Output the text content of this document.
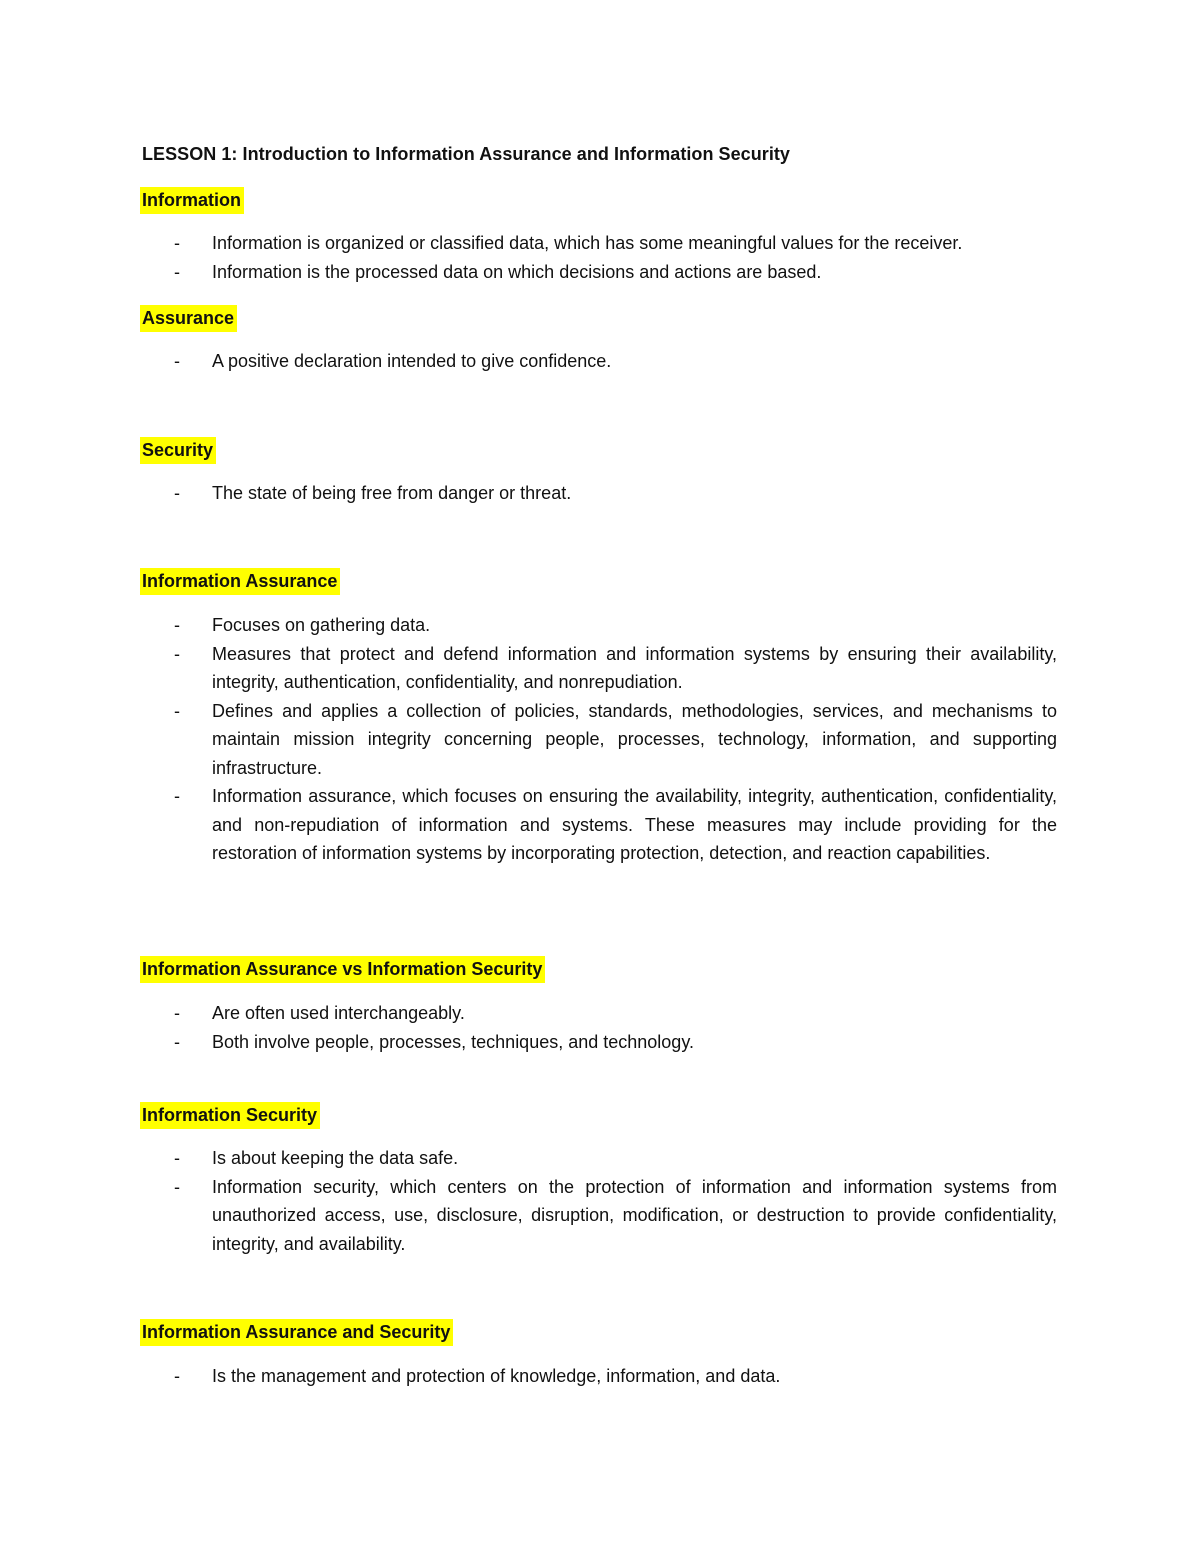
LESSON 1: Introduction to Information Assurance and Information Security
Information
- Information is organized or classified data, which has some meaningful values for the receiver.
- Information is the processed data on which decisions and actions are based.
Assurance
- A positive declaration intended to give confidence.
Security
- The state of being free from danger or threat.
Information Assurance
- Focuses on gathering data.
- Measures that protect and defend information and information systems by ensuring their availability, integrity, authentication, confidentiality, and nonrepudiation.
- Defines and applies a collection of policies, standards, methodologies, services, and mechanisms to maintain mission integrity concerning people, processes, technology, information, and supporting infrastructure.
- Information assurance, which focuses on ensuring the availability, integrity, authentication, confidentiality, and non-repudiation of information and systems. These measures may include providing for the restoration of information systems by incorporating protection, detection, and reaction capabilities.
Information Assurance vs Information Security
- Are often used interchangeably.
- Both involve people, processes, techniques, and technology.
Information Security
- Is about keeping the data safe.
- Information security, which centers on the protection of information and information systems from unauthorized access, use, disclosure, disruption, modification, or destruction to provide confidentiality, integrity, and availability.
Information Assurance and Security
- Is the management and protection of knowledge, information, and data.
